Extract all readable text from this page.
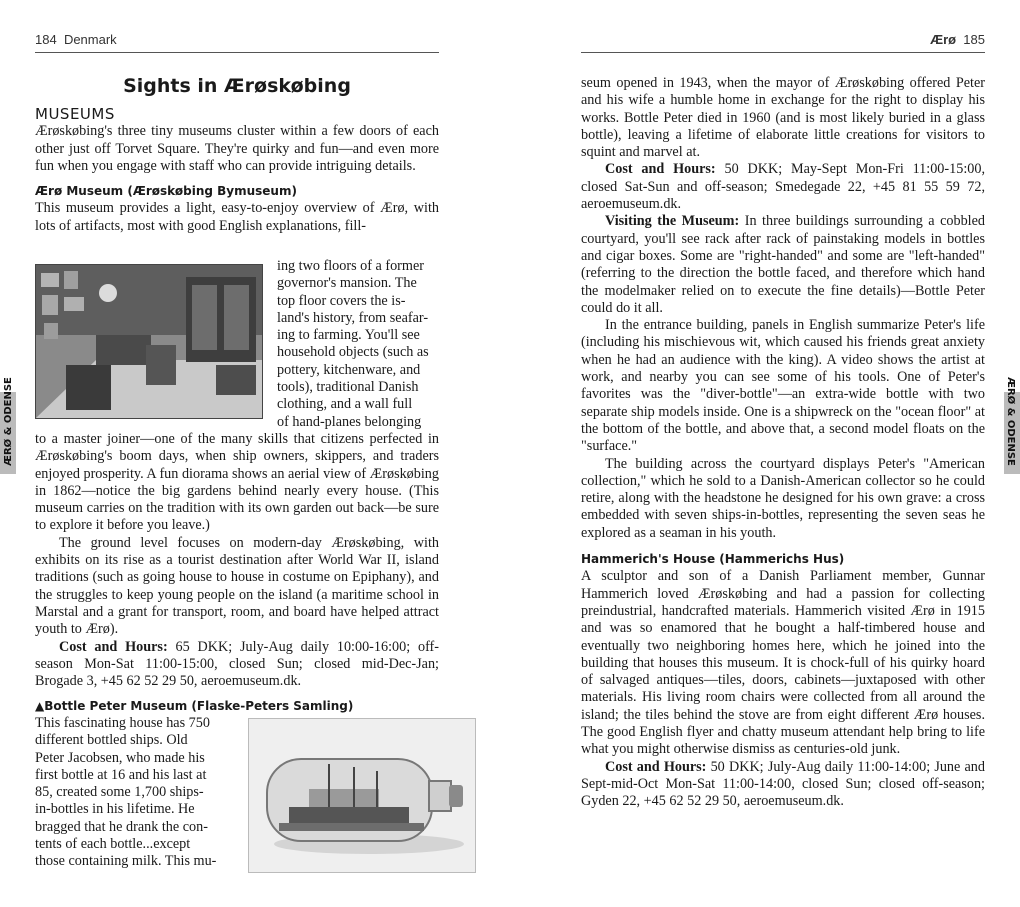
184 Denmark
Sights in Ærøskøbing
MUSEUMS

Ærøskøbing's three tiny museums cluster within a few doors of each other just off Torvet Square. They're quirky and fun—and even more fun when you engage with staff who can provide intriguing details.

Ærø Museum (Ærøskøbing Bymuseum)

This museum provides a light, easy-to-enjoy overview of Ærø, with lots of artifacts, most with good English explanations, fill-

ing two floors of a former

governor's mansion. The

top floor covers the is-

land's history, from seafar-

ing to farming. You'll see

household objects (such as

pottery, kitchenware, and

tools), traditional Danish

clothing, and a wall full

of hand-planes belonging

to a master joiner—one of the many skills that citizens perfected in Ærøskøbing's boom days, when ship owners, skippers, and traders enjoyed prosperity. A fun diorama shows an aerial view of Ærøskøbing in 1862—notice the big gardens behind nearly every house. (This museum carries on the tradition with its own garden out back—be sure to explore it before you leave.)

The ground level focuses on modern-day Ærøskøbing, with exhibits on its rise as a tourist destination after World War II, island traditions (such as going house to house in costume on Epiphany), and the struggles to keep young people on the island (a maritime school in Marstal and a grant for transport, room, and board have helped attract youth to Ærø).

Cost and Hours: 65 DKK; July-Aug daily 10:00-16:00; off-season Mon-Sat 11:00-15:00, closed Sun; closed mid-Dec-Jan; Brogade 3, +45 62 52 29 50, aeroemuseum.dk.

▲Bottle Peter Museum (Flaske-Peters Samling)

This fascinating house has 750

different bottled ships. Old

Peter Jacobsen, who made his

first bottle at 16 and his last at

85, created some 1,700 ships-

in-bottles in his lifetime. He

bragged that he drank the con-

tents of each bottle...except

those containing milk. This mu-

ÆRØ & ODENSE
Ærø 185

seum opened in 1943, when the mayor of Ærøskøbing offered Peter and his wife a humble home in exchange for the right to display his works. Bottle Peter died in 1960 (and is most likely buried in a glass bottle), leaving a lifetime of elaborate little creations for visitors to squint and marvel at.

Cost and Hours: 50 DKK; May-Sept Mon-Fri 11:00-15:00, closed Sat-Sun and off-season; Smedegade 22, +45 81 55 59 72, aeroemuseum.dk.

Visiting the Museum: In three buildings surrounding a cobbled courtyard, you'll see rack after rack of painstaking models in bottles and cigar boxes. Some are "right-handed" and some are "left-handed" (referring to the direction the bottle faced, and therefore which hand the modelmaker relied on to execute the fine details)—Bottle Peter could do it all.

In the entrance building, panels in English summarize Peter's life (including his mischievous wit, which caused his friends great anxiety when he had an audience with the king). A video shows the artist at work, and nearby you can see some of his tools. One of Peter's favorites was the "diver-bottle"—an extra-wide bottle with two separate ship models inside. One is a shipwreck on the "ocean floor" at the bottom of the bottle, and above that, a second model floats on the "surface."

The building across the courtyard displays Peter's "American collection," which he sold to a Danish-American collector so he could retire, along with the headstone he designed for his own grave: a cross embedded with seven ships-in-bottles, representing the seven seas he explored as a seaman in his youth.

Hammerich's House (Hammerichs Hus)

A sculptor and son of a Danish Parliament member, Gunnar Hammerich loved Ærøskøbing and had a passion for collecting preindustrial, handcrafted materials. Hammerich visited Ærø in 1915 and was so enamored that he bought a half-timbered house and eventually two neighboring homes here, which he joined into the building that houses this museum. It is chock-full of his quirky hoard of salvaged antiques—tiles, doors, cabinets—juxtaposed with other materials. His living room chairs were collected from all around the island; the tiles behind the stove are from eight different Ærø houses. The good English flyer and chatty museum attendant help bring to life what you might otherwise dismiss as centuries-old junk.

Cost and Hours: 50 DKK; July-Aug daily 11:00-14:00; June and Sept-mid-Oct Mon-Sat 11:00-14:00, closed Sun; closed off-season; Gyden 22, +45 62 52 29 50, aeroemuseum.dk.

ÆRØ & ODENSE
